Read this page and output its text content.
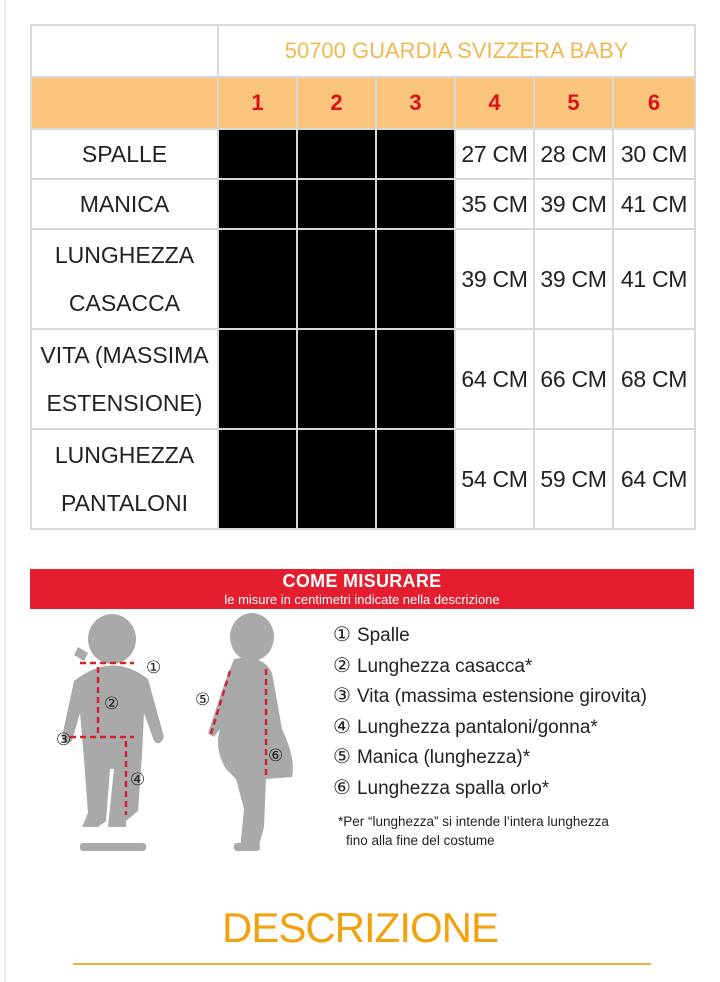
	50700 GUARDIA SVIZZERA BABY					
	1	2	3	4	5	6
SPALLE				27 CM	28 CM	30 CM
MANICA				35 CM	39 CM	41 CM

LUNGHEZZA
CASACCA				39 CM	39 CM	41 CM

VITA (MASSIMA
ESTENSIONE)				64 CM	66 CM	68 CM

LUNGHEZZA
PANTALONI				54 CM	59 CM	64 CM
COME MISURARE
le misure in centimetri indicate nella descrizione
①
②
③
④
⑤
⑥
① Spalle
② Lunghezza casacca*
③ Vita (massima estensione girovita)
④ Lunghezza pantaloni/gonna*
⑤ Manica (lunghezza)*
⑥ Lunghezza spalla orlo*
*Per “lunghezza” si intende l’intera lunghezza
fino alla fine del costume
DESCRIZIONE
